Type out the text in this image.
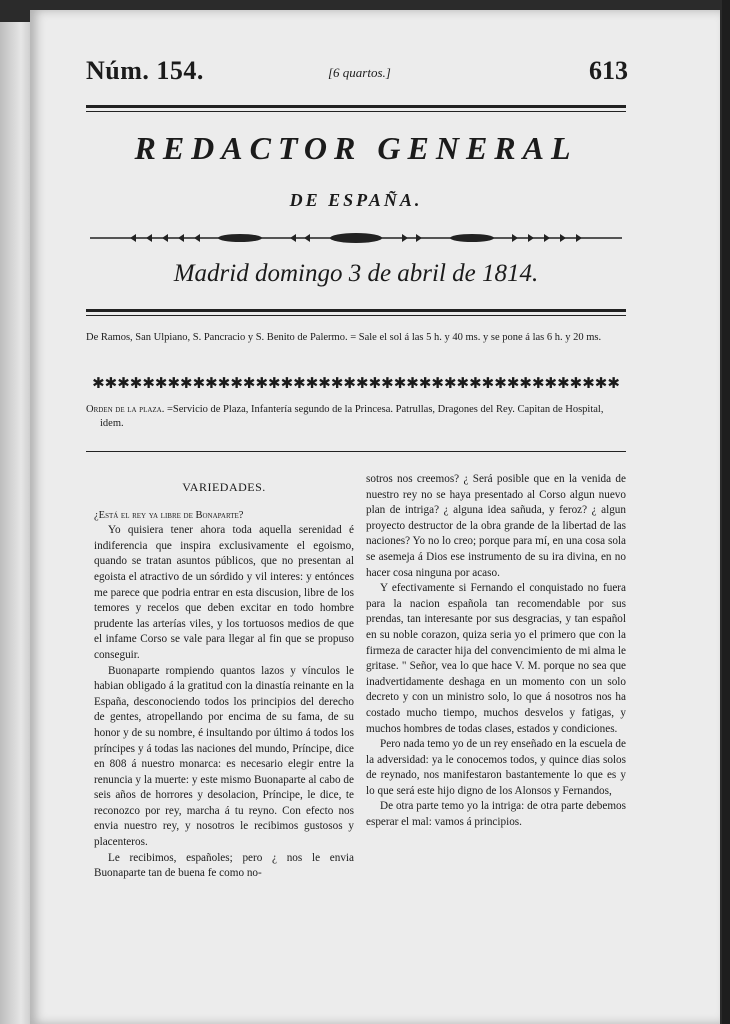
Núm. 154.	[6 quartos.]	613
REDACTOR GENERAL
DE ESPAÑA.
Madrid domingo 3 de abril de 1814.
De Ramos, San Ulpiano, S. Pancracio y S. Benito de Palermo. = Sale el sol á las 5 h. y 40 ms. y se pone á las 6 h. y 20 ms.
✱✱✱✱✱✱✱✱✱✱✱✱✱✱✱✱✱✱✱✱✱✱✱✱✱✱✱✱✱✱✱✱✱✱✱✱✱✱✱✱✱✱
Orden de la plaza. =Servicio de Plaza, Infantería segundo de la Princesa. Patrullas, Dragones del Rey. Capitan de Hospital, idem.
VARIEDADES.

¿Está el rey ya libre de Bonaparte?

Yo quisiera tener ahora toda aquella serenidad é indiferencia que inspira exclusivamente el egoismo, quando se tratan asuntos públicos, que no presentan al egoista el atractivo de un sórdido y vil interes: y entónces me parece que podria entrar en esta discusion, libre de los temores y recelos que deben excitar en todo hombre prudente las arterías viles, y los tortuosos medios de que el infame Corso se vale para llegar al fin que se propuso conseguir.

Buonaparte rompiendo quantos lazos y vínculos le habian obligado á la gratitud con la dinastía reinante en la España, desconociendo todos los principios del derecho de gentes, atropellando por encima de su fama, de su honor y de su nombre, é insultando por último á todos los príncipes y á todas las naciones del mundo, Príncipe, dice en 808 á nuestro monarca: es necesario elegir entre la renuncia y la muerte: y este mismo Buonaparte al cabo de seis años de horrores y desolacion, Príncipe, le dice, te reconozco por rey, marcha á tu reyno. Con efecto nos envia nuestro rey, y nosotros le recibimos gustosos y placenteros.

Le recibimos, españoles; pero ¿ nos le envia Buonaparte tan de buena fe como no-

sotros nos creemos? ¿ Será posible que en la venida de nuestro rey no se haya presentado al Corso algun nuevo plan de intriga? ¿ alguna idea sañuda, y feroz? ¿ algun proyecto destructor de la obra grande de la libertad de las naciones? Yo no lo creo; porque para mí, en una cosa sola se asemeja á Dios ese instrumento de su ira divina, en no hacer cosa ninguna por acaso.

Y efectivamente si Fernando el conquistado no fuera para la nacion española tan recomendable por sus prendas, tan interesante por sus desgracias, y tan español en su noble corazon, quiza seria yo el primero que con la firmeza de caracter hija del convencimiento de mi alma le gritase. " Señor, vea lo que hace V. M. porque no sea que inadvertidamente deshaga en un momento con un solo decreto y con un ministro solo, lo que á nosotros nos ha costado mucho tiempo, muchos desvelos y fatigas, y muchos hombres de todas clases, estados y condiciones.

Pero nada temo yo de un rey enseñado en la escuela de la adversidad: ya le conocemos todos, y quince dias solos de reynado, nos manifestaron bastantemente lo que es y lo que será este hijo digno de los Alonsos y Fernandos,

De otra parte temo yo la intriga: de otra parte debemos esperar el mal: vamos á principios.
